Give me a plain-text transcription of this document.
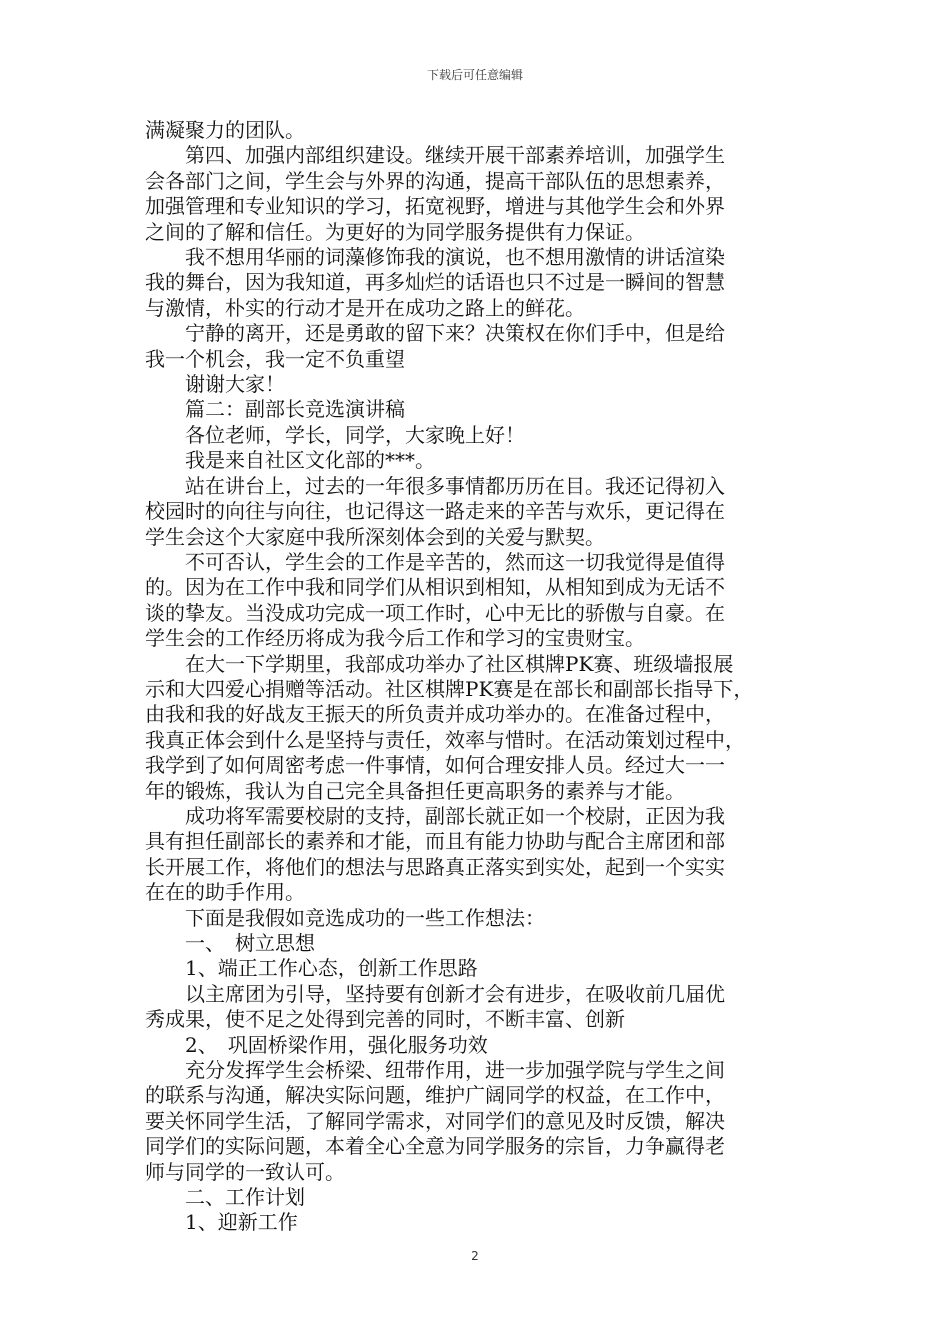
下载后可任意编辑

满凝聚力的团队。

　　第四、加强内部组织建设。继续开展干部素养培训，加强学生

会各部门之间，学生会与外界的沟通，提高干部队伍的思想素养，

加强管理和专业知识的学习，拓宽视野，增进与其他学生会和外界

之间的了解和信任。为更好的为同学服务提供有力保证。

　　我不想用华丽的词藻修饰我的演说，也不想用激情的讲话渲染

我的舞台，因为我知道，再多灿烂的话语也只不过是一瞬间的智慧

与激情，朴实的行动才是开在成功之路上的鲜花。

　　宁静的离开，还是勇敢的留下来？决策权在你们手中，但是给

我一个机会，我一定不负重望

　　谢谢大家！

　　篇二：副部长竞选演讲稿

　　各位老师，学长，同学，大家晚上好！

　　我是来自社区文化部的***。

　　站在讲台上，过去的一年很多事情都历历在目。我还记得初入

校园时的向往与向往，也记得这一路走来的辛苦与欢乐，更记得在

学生会这个大家庭中我所深刻体会到的关爱与默契。

　　不可否认，学生会的工作是辛苦的，然而这一切我觉得是值得

的。因为在工作中我和同学们从相识到相知，从相知到成为无话不

谈的挚友。当没成功完成一项工作时，心中无比的骄傲与自豪。在

学生会的工作经历将成为我今后工作和学习的宝贵财宝。

　　在大一下学期里，我部成功举办了社区棋牌PK赛、班级墙报展

示和大四爱心捐赠等活动。社区棋牌PK赛是在部长和副部长指导下，

由我和我的好战友王振天的所负责并成功举办的。在准备过程中，

我真正体会到什么是坚持与责任，效率与惜时。在活动策划过程中，

我学到了如何周密考虑一件事情，如何合理安排人员。经过大一一

年的锻炼，我认为自己完全具备担任更高职务的素养与才能。

　　成功将军需要校尉的支持，副部长就正如一个校尉，正因为我

具有担任副部长的素养和才能，而且有能力协助与配合主席团和部

长开展工作，将他们的想法与思路真正落实到实处，起到一个实实

在在的助手作用。

　　下面是我假如竞选成功的一些工作想法：

　　一、　树立思想

　　1、端正工作心态，创新工作思路

　　以主席团为引导，坚持要有创新才会有进步，在吸收前几届优

秀成果，使不足之处得到完善的同时，不断丰富、创新

　　2、　巩固桥梁作用，强化服务功效

　　充分发挥学生会桥梁、纽带作用，进一步加强学院与学生之间

的联系与沟通，解决实际问题，维护广阔同学的权益，在工作中，

要关怀同学生活，了解同学需求，对同学们的意见及时反馈，解决

同学们的实际问题，本着全心全意为同学服务的宗旨，力争赢得老

师与同学的一致认可。

　　二、工作计划

　　1、迎新工作

2
